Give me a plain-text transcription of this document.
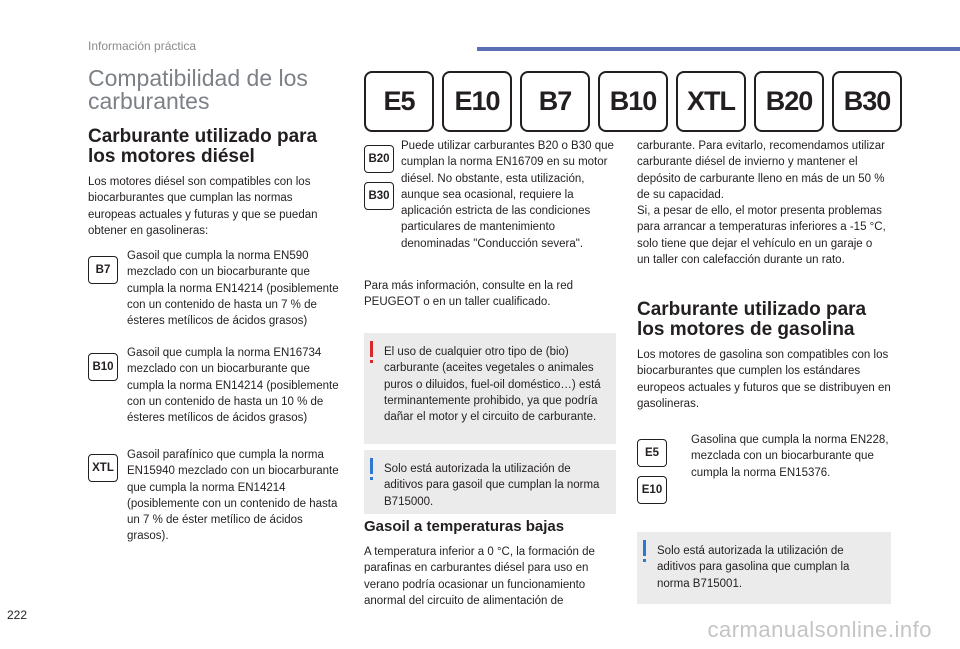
Información práctica
Compatibilidad de los carburantes	E5	E10	B7	B10	XTL	B20	B30
Carburante utilizado para los motores diésel

Los motores diésel son compatibles con los biocarburantes que cumplan las normas europeas actuales y futuras y que se puedan obtener en gasolineras:

B7

Gasoil que cumpla la norma EN590 mezclado con un biocarburante que cumpla la norma EN14214 (posiblemente con un contenido de hasta un 7 % de ésteres metílicos de ácidos grasos)

B10

Gasoil que cumpla la norma EN16734 mezclado con un biocarburante que cumpla la norma EN14214 (posiblemente con un contenido de hasta un 10 % de ésteres metílicos de ácidos grasos)

XTL

Gasoil parafínico que cumpla la norma EN15940 mezclado con un biocarburante que cumpla la norma EN14214 (posiblemente con un contenido de hasta un 7 % de éster metílico de ácidos grasos).

B20
B30

Puede utilizar carburantes B20 o B30 que cumplan la norma EN16709 en su motor diésel. No obstante, esta utilización, aunque sea ocasional, requiere la aplicación estricta de las condiciones particulares de mantenimiento denominadas "Conducción severa".

Para más información, consulte en la red PEUGEOT o en un taller cualificado.

El uso de cualquier otro tipo de (bio) carburante (aceites vegetales o animales puros o diluidos, fuel-oil doméstico…) está terminantemente prohibido, ya que podría dañar el motor y el circuito de carburante.

Solo está autorizada la utilización de aditivos para gasoil que cumplan la norma B715000.

Gasoil a temperaturas bajas

A temperatura inferior a 0 °C, la formación de parafinas en carburantes diésel para uso en verano podría ocasionar un funcionamiento anormal del circuito de alimentación de

carburante. Para evitarlo, recomendamos utilizar carburante diésel de invierno y mantener el depósito de carburante lleno en más de un 50 % de su capacidad.

Si, a pesar de ello, el motor presenta problemas para arrancar a temperaturas inferiores a -15 °C, solo tiene que dejar el vehículo en un garaje o un taller con calefacción durante un rato.

Carburante utilizado para los motores de gasolina

Los motores de gasolina son compatibles con los biocarburantes que cumplen los estándares europeos actuales y futuros que se distribuyen en gasolineras.

E5
E10

Gasolina que cumpla la norma EN228, mezclada con un biocarburante que cumpla la norma EN15376.

Solo está autorizada la utilización de aditivos para gasolina que cumplan la norma B715001.

222
carmanualsonline.info
